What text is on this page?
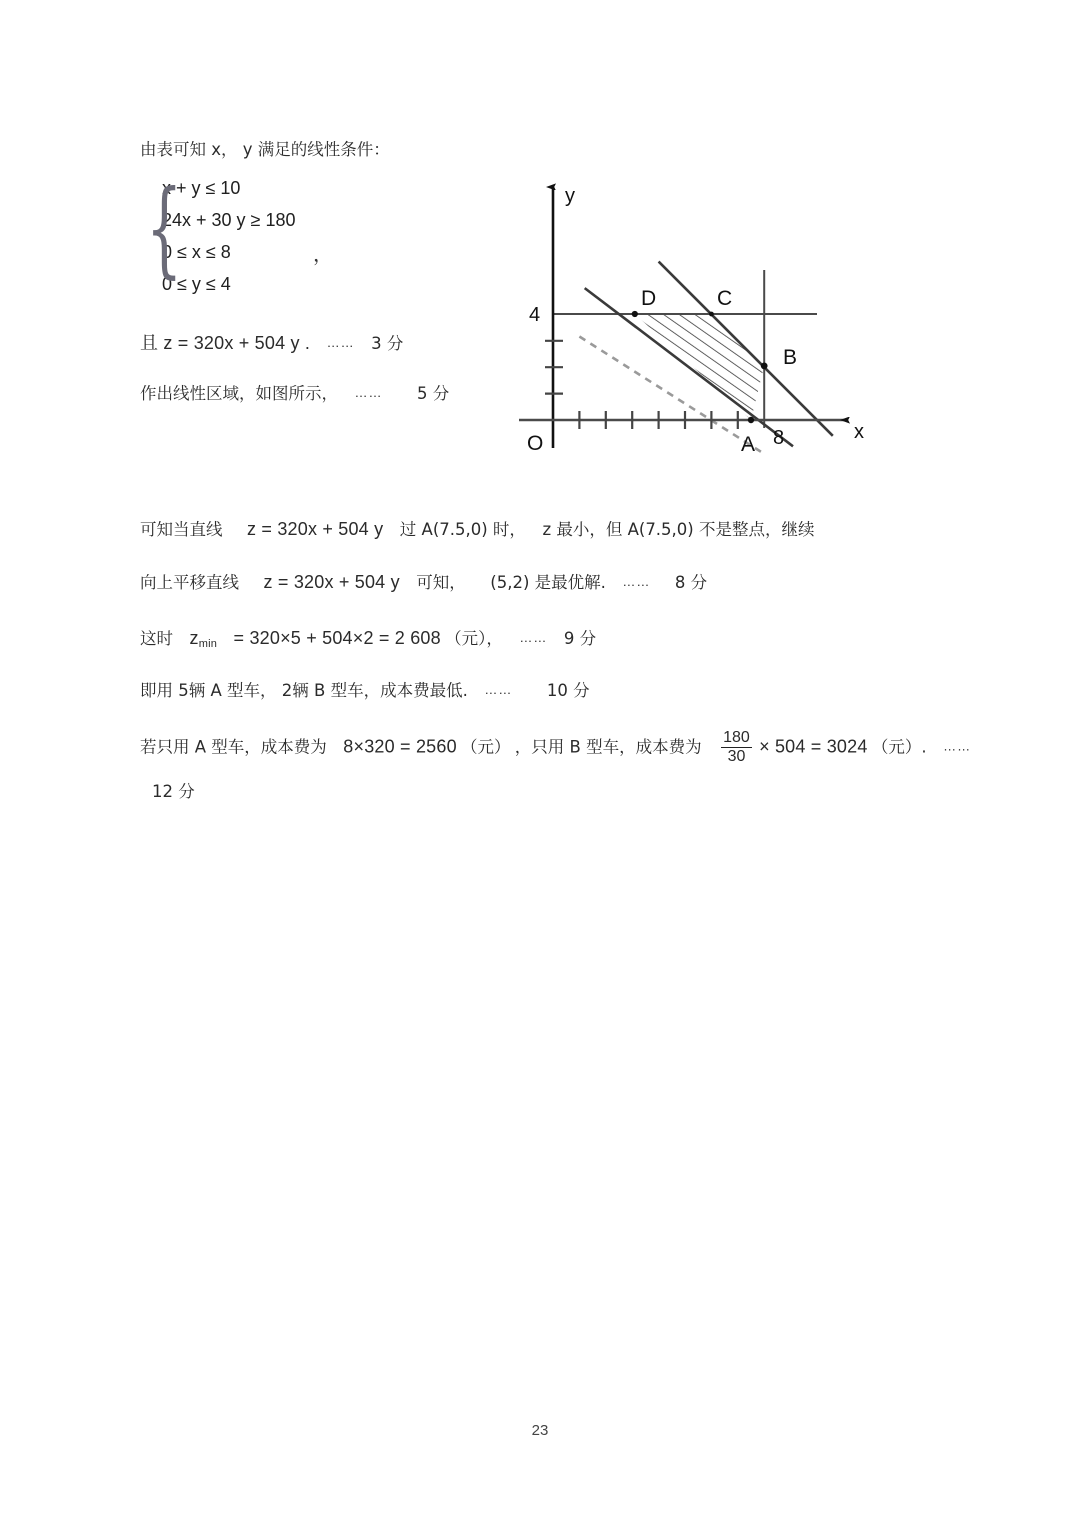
由表可知 x， y 满足的线性条件：
{
x + y ≤ 10
24x + 30 y ≥ 180
0 ≤ x ≤ 8
0 ≤ y ≤ 4
，
且 z = 320x + 504 y . …… 3 分
作出线性区域，如图所示， …… 5 分
y
x
O
4
8
A
B
C
D
可知当直线 z = 320x + 504 y 过 A(7.5,0) 时， z 最小，但 A(7.5,0) 不是整点，继续
向上平移直线 z = 320x + 504 y 可知， (5,2) 是最优解. …… 8 分
这时 $z_{min} = 320\times 5 + 504\times 2 = 2$ 608 （元）， …… 9 分
即用 5辆 A 型车， 2辆 B 型车，成本费最低. …… 10 分
若只用 A 型车，成本费为 8×320 = 2560 （元） ，只用 B 型车，成本费为 $\frac{180}{30} \times 504 = 3024$ （元）. ……
12 分
23
